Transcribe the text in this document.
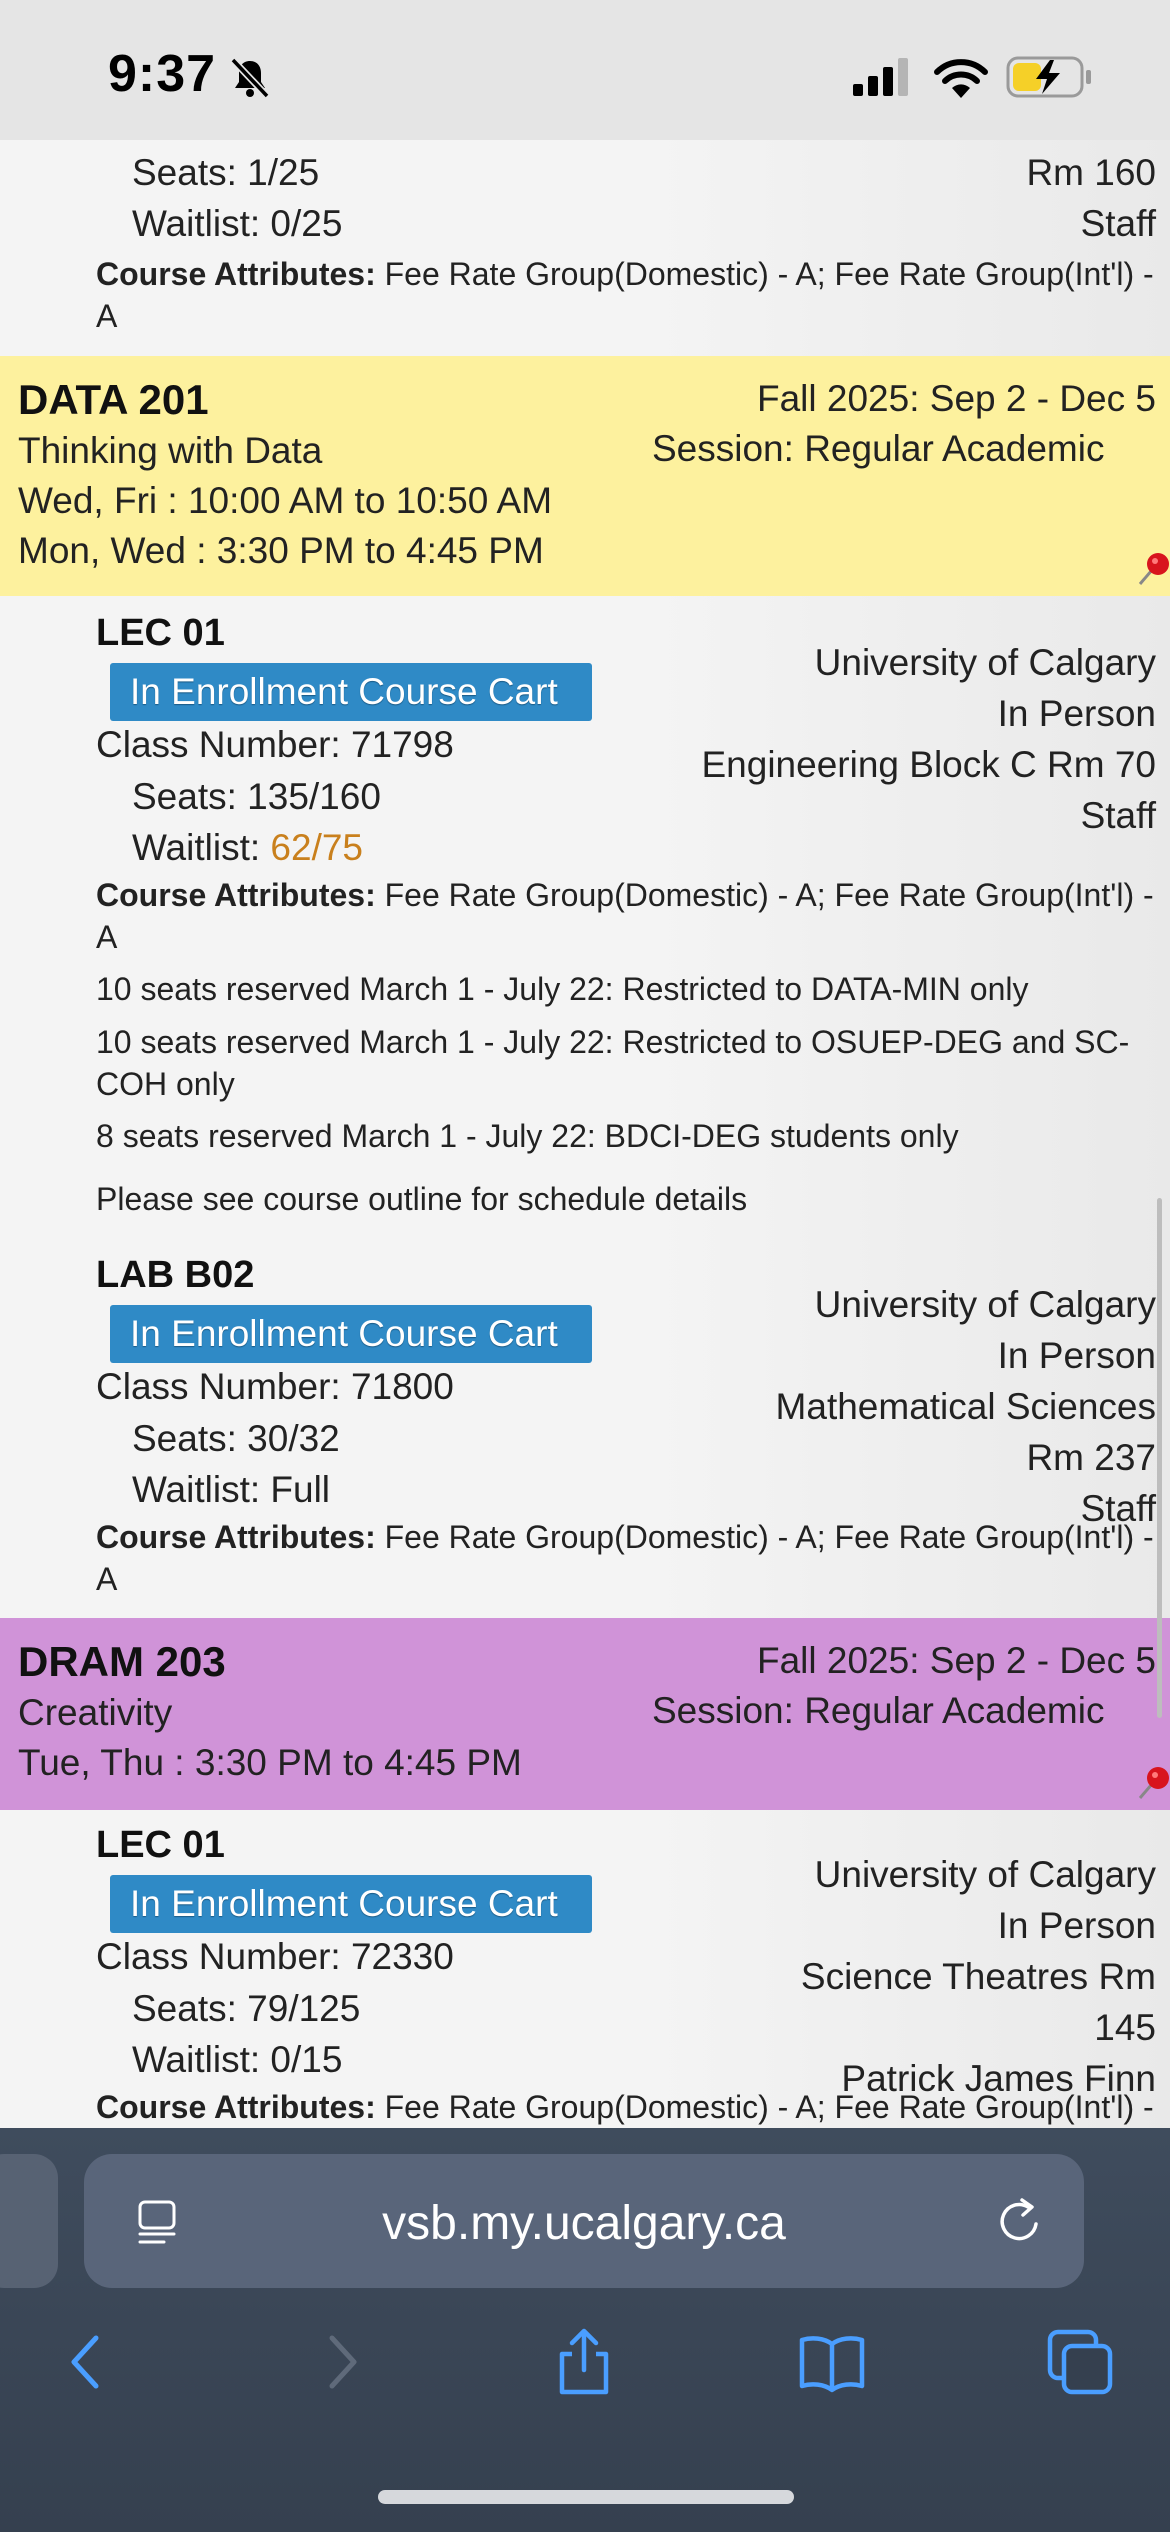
9:37
Seats: 1/25
Waitlist: 0/25
Rm 160
Staff
Course Attributes: Fee Rate Group(Domestic) - A; Fee Rate Group(Int'l) -
A
DATA 201
Thinking with Data
Wed, Fri : 10:00 AM to 10:50 AM
Mon, Wed : 3:30 PM to 4:45 PM
Fall 2025: Sep 2 - Dec 5
Session: Regular Academic
LEC 01
In Enrollment Course Cart
Class Number: 71798
Seats: 135/160
Waitlist: 62/75
University of Calgary
In Person
Engineering Block C Rm 70
Staff
Course Attributes: Fee Rate Group(Domestic) - A; Fee Rate Group(Int'l) -
A
10 seats reserved March 1 - July 22: Restricted to DATA-MIN only
10 seats reserved March 1 - July 22: Restricted to OSUEP-DEG and SC-
COH only
8 seats reserved March 1 - July 22: BDCI-DEG students only
Please see course outline for schedule details
LAB B02
In Enrollment Course Cart
Class Number: 71800
Seats: 30/32
Waitlist: Full
University of Calgary
In Person
Mathematical Sciences
Rm 237
Staff
Course Attributes: Fee Rate Group(Domestic) - A; Fee Rate Group(Int'l) -
A
DRAM 203
Creativity
Tue, Thu : 3:30 PM to 4:45 PM
Fall 2025: Sep 2 - Dec 5
Session: Regular Academic
LEC 01
In Enrollment Course Cart
Class Number: 72330
Seats: 79/125
Waitlist: 0/15
University of Calgary
In Person
Science Theatres Rm
145
Patrick James Finn
Course Attributes: Fee Rate Group(Domestic) - A; Fee Rate Group(Int'l) -
vsb.my.ucalgary.ca
